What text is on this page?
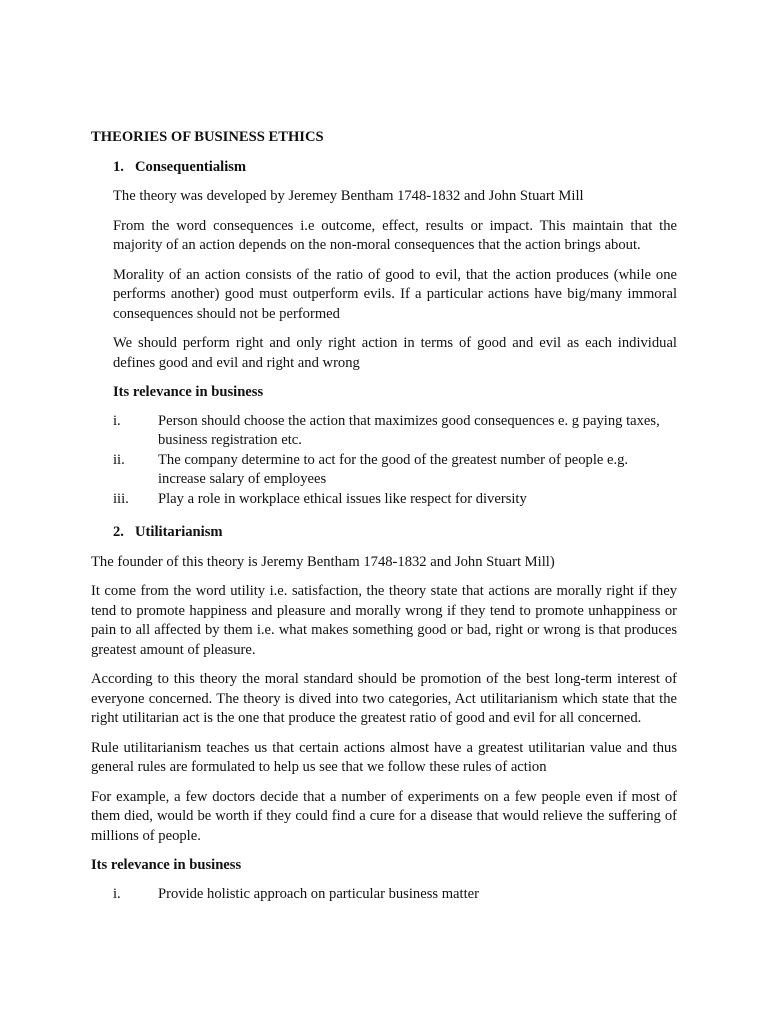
THEORIES OF BUSINESS ETHICS
1. Consequentialism
The theory was developed by Jeremey Bentham 1748-1832 and John Stuart Mill
From the word consequences i.e outcome, effect, results or impact. This maintain that the majority of an action depends on the non-moral consequences that the action brings about.
Morality of an action consists of the ratio of good to evil, that the action produces (while one performs another) good must outperform evils. If a particular actions have big/many immoral consequences should not be performed
We should perform right and only right action in terms of good and evil as each individual defines good and evil and right and wrong
Its relevance in business
i.	Person should choose the action that maximizes good consequences e. g paying taxes, business registration etc.
ii.	The company determine to act for the good of the greatest number of people e.g. increase salary of employees
iii.	Play a role in workplace ethical issues like respect for diversity
2. Utilitarianism
The founder of this theory is Jeremy Bentham 1748-1832 and John Stuart Mill)
It come from the word utility i.e. satisfaction, the theory state that actions are morally right if they tend to promote happiness and pleasure and morally wrong if they tend to promote unhappiness or pain to all affected by them i.e. what makes something good or bad, right or wrong is that produces greatest amount of pleasure.
According to this theory the moral standard should be promotion of the best long-term interest of everyone concerned. The theory is dived into two categories, Act utilitarianism which state that the right utilitarian act is the one that produce the greatest ratio of good and evil for all concerned.
Rule utilitarianism teaches us that certain actions almost have a greatest utilitarian value and thus general rules are formulated to help us see that we follow these rules of action
For example, a few doctors decide that a number of experiments on a few people even if most of them died, would be worth if they could find a cure for a disease that would relieve the suffering of millions of people.
Its relevance in business
i.	Provide holistic approach on particular business matter
